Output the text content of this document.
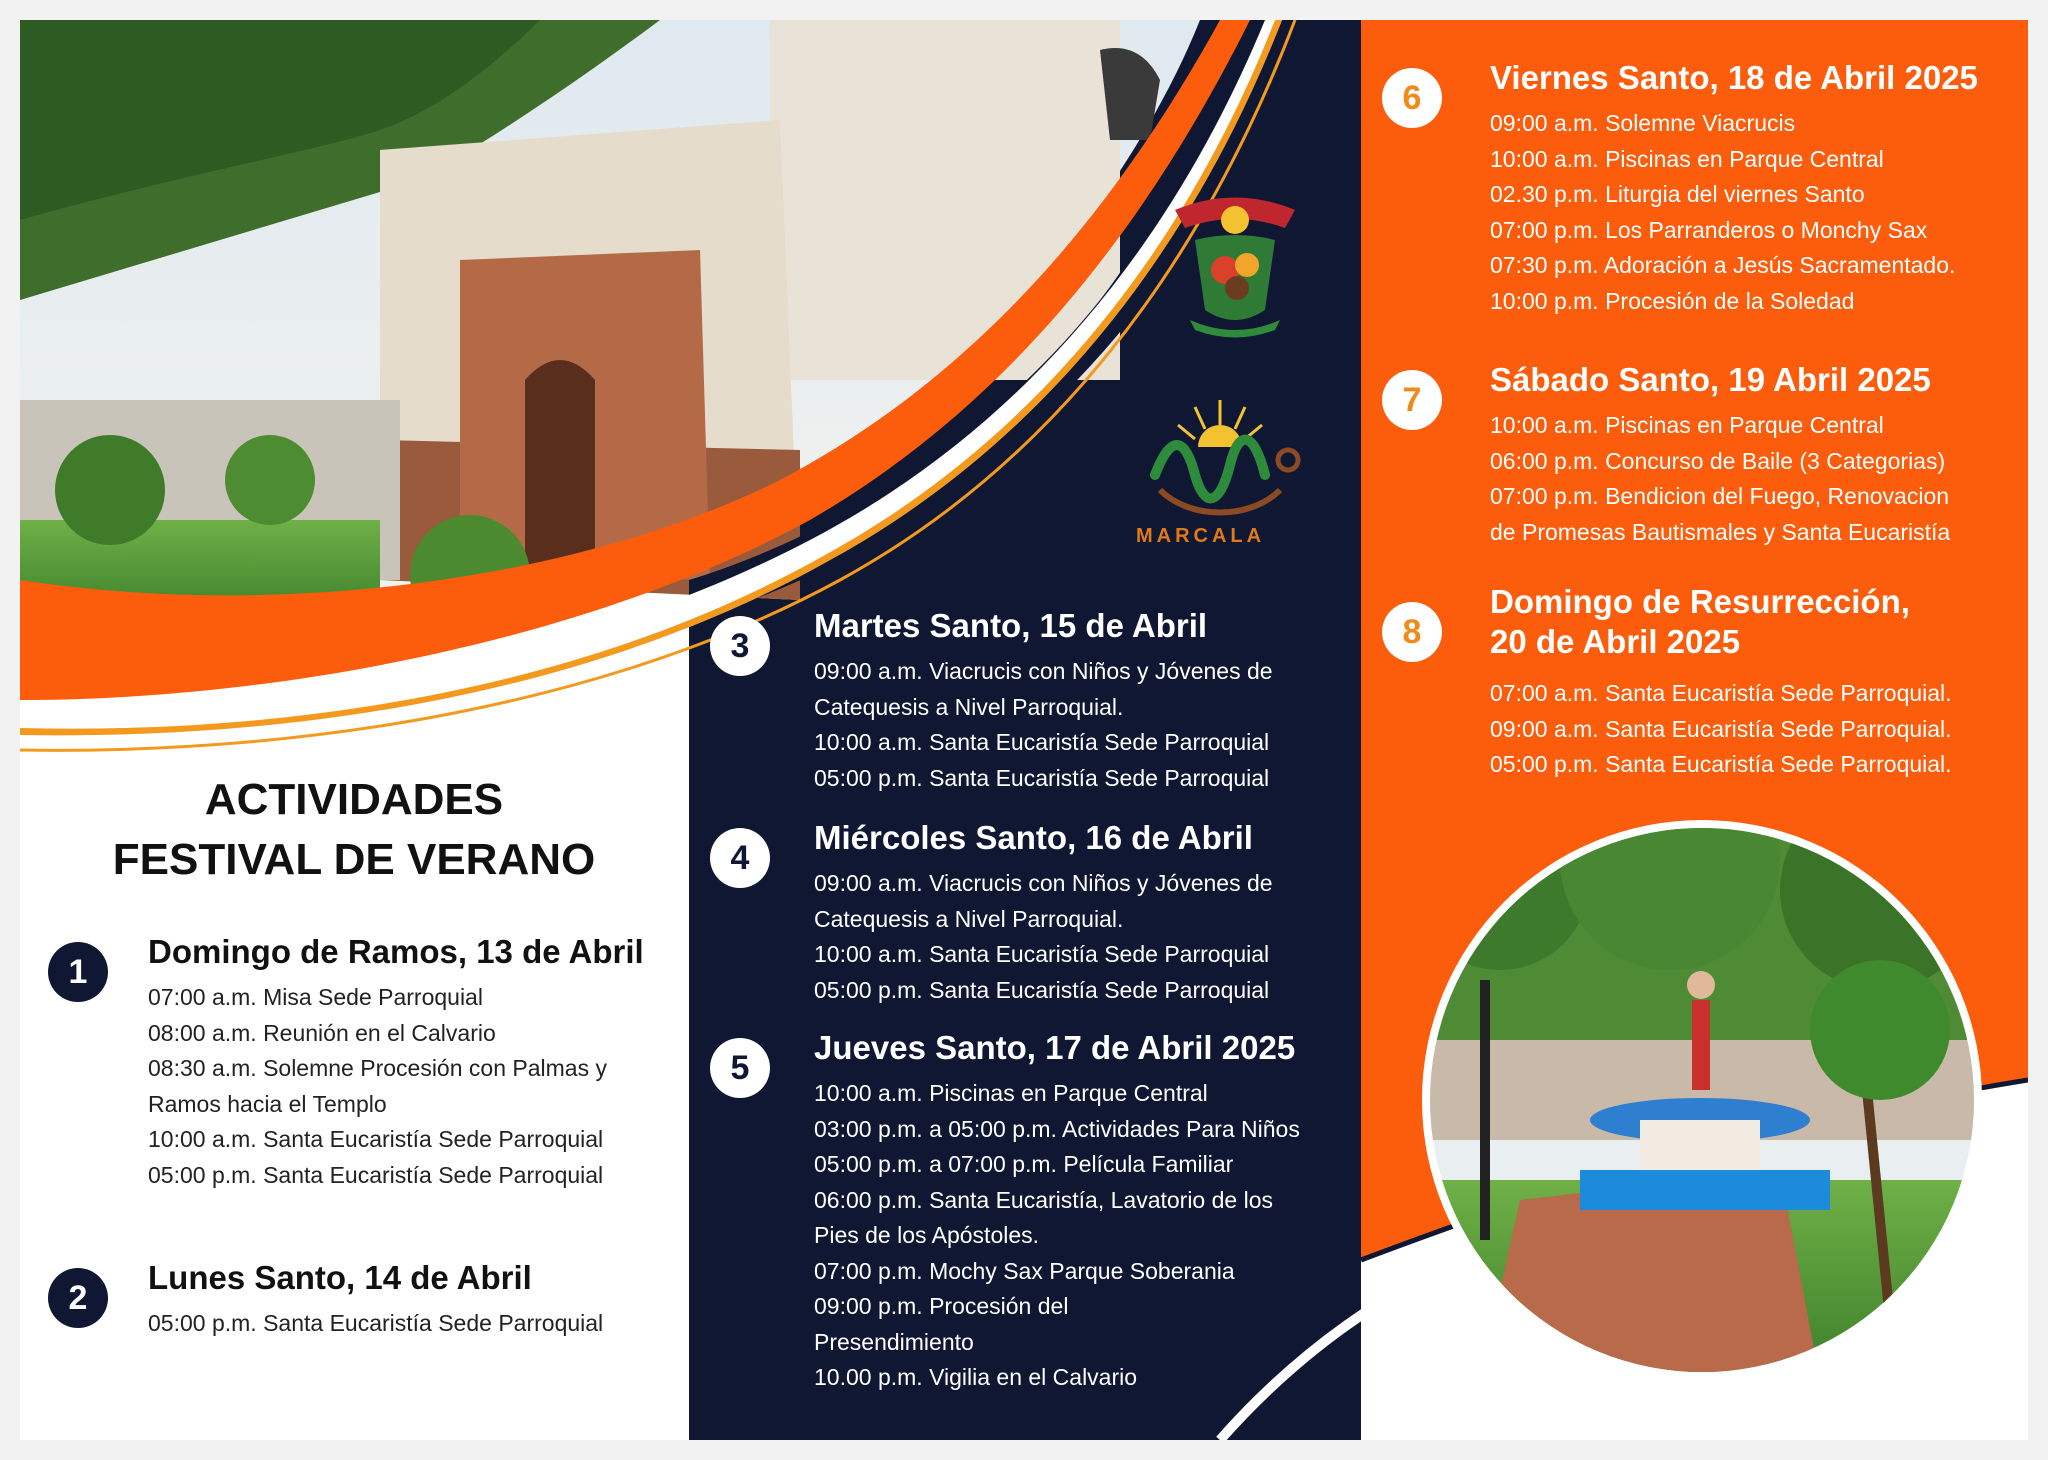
MARCALA
ACTIVIDADES
FESTIVAL DE VERANO
1
Domingo de Ramos, 13 de Abril
07:00 a.m. Misa Sede Parroquial
08:00 a.m. Reunión en el Calvario
08:30 a.m. Solemne Procesión con Palmas y
Ramos hacia el Templo
10:00 a.m. Santa Eucaristía Sede Parroquial
05:00 p.m. Santa Eucaristía Sede Parroquial
2
Lunes Santo, 14 de Abril
05:00 p.m. Santa Eucaristía Sede Parroquial
3
Martes Santo, 15 de Abril
09:00 a.m. Viacrucis con Niños y Jóvenes de
Catequesis a Nivel Parroquial.
10:00 a.m. Santa Eucaristía Sede Parroquial
05:00 p.m. Santa Eucaristía Sede Parroquial
4
Miércoles Santo, 16 de Abril
09:00 a.m. Viacrucis con Niños y Jóvenes de
Catequesis a Nivel Parroquial.
10:00 a.m. Santa Eucaristía Sede Parroquial
05:00 p.m. Santa Eucaristía Sede Parroquial
5
Jueves Santo, 17 de Abril 2025
10:00 a.m. Piscinas en Parque Central
03:00 p.m. a 05:00 p.m. Actividades Para Niños
05:00 p.m. a 07:00 p.m. Película Familiar
06:00 p.m. Santa Eucaristía, Lavatorio de los
Pies de los Apóstoles.
07:00 p.m. Mochy Sax Parque Soberania
09:00 p.m. Procesión del
Presendimiento
10.00 p.m. Vigilia en el Calvario
6
Viernes Santo, 18 de Abril 2025
09:00 a.m. Solemne Viacrucis
10:00 a.m. Piscinas en Parque Central
02.30 p.m. Liturgia del viernes Santo
07:00 p.m. Los Parranderos o Monchy Sax
07:30 p.m. Adoración a Jesús Sacramentado.
10:00 p.m. Procesión de la Soledad
7
Sábado Santo, 19 Abril 2025
10:00 a.m. Piscinas en Parque Central
06:00 p.m. Concurso de Baile (3 Categorias)
07:00 p.m. Bendicion del Fuego, Renovacion
de Promesas Bautismales y Santa Eucaristía
8
Domingo de Resurrección,
20 de Abril 2025
07:00 a.m. Santa Eucaristía Sede Parroquial.
09:00 a.m. Santa Eucaristía Sede Parroquial.
05:00 p.m. Santa Eucaristía Sede Parroquial.
